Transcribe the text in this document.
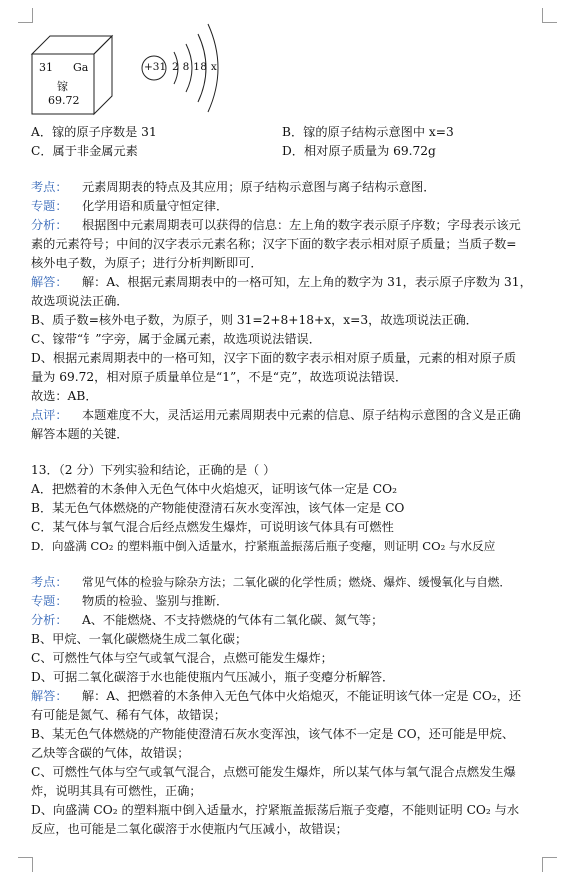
31 Ga
镓
69.72
+31 2 8 18 x
A．镓的原子序数是 31	B．镓的原子结构示意图中 x=3
C．属于非金属元素	D．相对原子质量为 69.72g
考点： 元素周期表的特点及其应用；原子结构示意图与离子结构示意图．
专题： 化学用语和质量守恒定律．
分析： 根据图中元素周期表可以获得的信息：左上角的数字表示原子序数；字母表示该元
素的元素符号；中间的汉字表示元素名称；汉字下面的数字表示相对原子质量；当质子数=
核外电子数，为原子；进行分析判断即可．
解答： 解：A、根据元素周期表中的一格可知，左上角的数字为 31，表示原子序数为 31，
故选项说法正确．
B、质子数=核外电子数，为原子，则 31=2+8+18+x，x=3，故选项说法正确．
C、镓带“钅”字旁，属于金属元素，故选项说法错误．
D、根据元素周期表中的一格可知，汉字下面的数字表示相对原子质量，元素的相对原子质
量为 69.72，相对原子质量单位是“1”，不是“克”，故选项说法错误．
故选：AB．
点评： 本题难度不大，灵活运用元素周期表中元素的信息、原子结构示意图的含义是正确
解答本题的关键．
13．（2 分）下列实验和结论，正确的是（ ）
A．把燃着的木条伸入无色气体中火焰熄灭，证明该气体一定是 CO₂
B．某无色气体燃烧的产物能使澄清石灰水变浑浊，该气体一定是 CO
C．某气体与氧气混合后经点燃发生爆炸，可说明该气体具有可燃性
D．向盛满 CO₂ 的塑料瓶中倒入适量水，拧紧瓶盖振荡后瓶子变瘪，则证明 CO₂ 与水反应
考点： 常见气体的检验与除杂方法；二氧化碳的化学性质；燃烧、爆炸、缓慢氧化与自燃．
专题： 物质的检验、鉴别与推断．
分析： A、不能燃烧、不支持燃烧的气体有二氧化碳、氮气等；
B、甲烷、一氧化碳燃烧生成二氧化碳；
C、可燃性气体与空气或氧气混合，点燃可能发生爆炸；
D、可据二氧化碳溶于水也能使瓶内气压减小，瓶子变瘪分析解答．
解答： 解：A、把燃着的木条伸入无色气体中火焰熄灭，不能证明该气体一定是 CO₂，还
有可能是氮气、稀有气体，故错误；
B、某无色气体燃烧的产物能使澄清石灰水变浑浊，该气体不一定是 CO，还可能是甲烷、
乙炔等含碳的气体，故错误；
C、可燃性气体与空气或氧气混合，点燃可能发生爆炸，所以某气体与氧气混合点燃发生爆
炸，说明其具有可燃性，正确；
D、向盛满 CO₂ 的塑料瓶中倒入适量水，拧紧瓶盖振荡后瓶子变瘪，不能则证明 CO₂ 与水
反应，也可能是二氧化碳溶于水使瓶内气压减小，故错误；
